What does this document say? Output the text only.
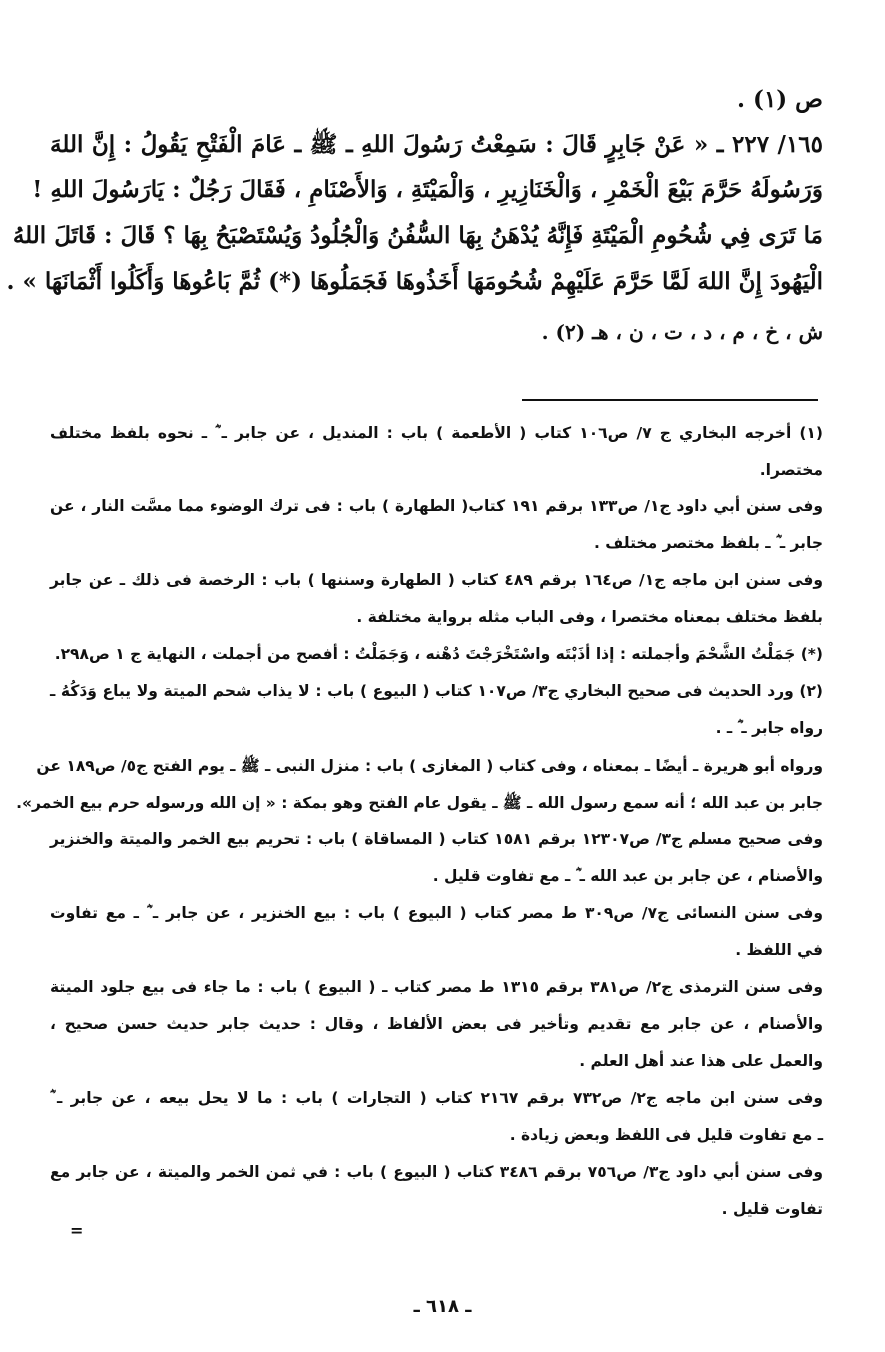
ص (١) .
١٦٥/ ٢٢٧ ـ « عَنْ جَابِرٍ قَالَ : سَمِعْتُ رَسُولَ اللهِ ـ ﷺ ـ عَامَ الْفَتْحِ يَقُولُ : إِنَّ اللهَ
وَرَسُولَهُ حَرَّمَ بَيْعَ الْخَمْرِ ، وَالْخَنَازِيرِ ، وَالْمَيْتَةِ ، وَالأَصْنَامِ ، فَقَالَ رَجُلٌ : يَارَسُولَ اللهِ !
مَا تَرَى فِي شُحُومِ الْمَيْتَةِ فَإِنَّهُ يُدْهَنُ بِهَا السُّفُنُ وَالْجُلُودُ وَيُسْتَصْبَحُ بِهَا ؟ قَالَ : قَاتَلَ اللهُ
الْيَهُودَ إِنَّ اللهَ لَمَّا حَرَّمَ عَلَيْهِمْ شُحُومَهَا أَخَذُوهَا فَجَمَلُوهَا (*) ثُمَّ بَاعُوهَا وَأَكَلُوا أَثْمَانَهَا » .
ش ، خ ، م ، د ، ت ، ن ، هـ (٢) .
(١) أخرجه البخاري ج ٧/ ص١٠٦ كتاب ( الأطعمة ) باب : المنديل ، عن جابر ـ ؓ ـ نحوه بلفظ مختلف
مختصرا.
وفى سنن أبي داود ج١/ ص١٣٣ برقم ١٩١ كتاب( الطهارة ) باب : فى ترك الوضوء مما مسَّت النار ، عن
جابر ـ ؓ ـ بلفظ مختصر مختلف .
وفى سنن ابن ماجه ج١/ ص١٦٤ برقم ٤٨٩ كتاب ( الطهارة وسننها ) باب : الرخصة فى ذلك ـ عن جابر
بلفظ مختلف بمعناه مختصرا ، وفى الباب مثله برواية مختلفة .
(*) جَمَلْتُ الشَّحْمَ وأجملته : إذا أذَبْتَه واسْتَخْرَجْتَ دُهْنه ، وَجَمَلْتُ : أفصح من أجملت ، النهاية ج ١ ص٢٩٨.
(٢) ورد الحديث فى صحيح البخاري ج٣/ ص١٠٧ كتاب ( البيوع ) باب : لا يذاب شحم الميتة ولا يباع وَدَكُهُ ـ
رواه جابر ـ ؓ ـ .
ورواه أبو هريرة ـ أيضًا ـ بمعناه ، وفى كتاب ( المغازى ) باب : منزل النبى ـ ﷺ ـ يوم الفتح ج٥/ ص١٨٩ عن
جابر بن عبد الله ؛ أنه سمع رسول الله ـ ﷺ ـ يقول عام الفتح وهو بمكة : « إن الله ورسوله حرم بيع الخمر».
وفى صحيح مسلم ج٣/ ص١٢٣٠٧ برقم ١٥٨١ كتاب ( المساقاة ) باب : تحريم بيع الخمر والميتة والخنزير
والأصنام ، عن جابر بن عبد الله ـ ؓ ـ مع تفاوت قليل .
وفى سنن النسائى ج٧/ ص٣٠٩ ط مصر كتاب ( البيوع ) باب : بيع الخنزير ، عن جابر ـ ؓ ـ مع تفاوت
في اللفظ .
وفى سنن الترمذى ج٢/ ص٣٨١ برقم ١٣١٥ ط مصر كتاب ـ ( البيوع ) باب : ما جاء فى بيع جلود الميتة
والأصنام ، عن جابر مع تقديم وتأخير فى بعض الألفاظ ، وقال : حديث جابر حديث حسن صحيح ،
والعمل على هذا عند أهل العلم .
وفى سنن ابن ماجه ج٢/ ص٧٣٢ برقم ٢١٦٧ كتاب ( التجارات ) باب : ما لا يحل بيعه ، عن جابر ـ ؓ
ـ مع تفاوت قليل فى اللفظ وبعض زيادة .
وفى سنن أبي داود ج٣/ ص٧٥٦ برقم ٣٤٨٦ كتاب ( البيوع ) باب : في ثمن الخمر والميتة ، عن جابر مع
تفاوت قليل .
=
ـ ٦١٨ ـ
